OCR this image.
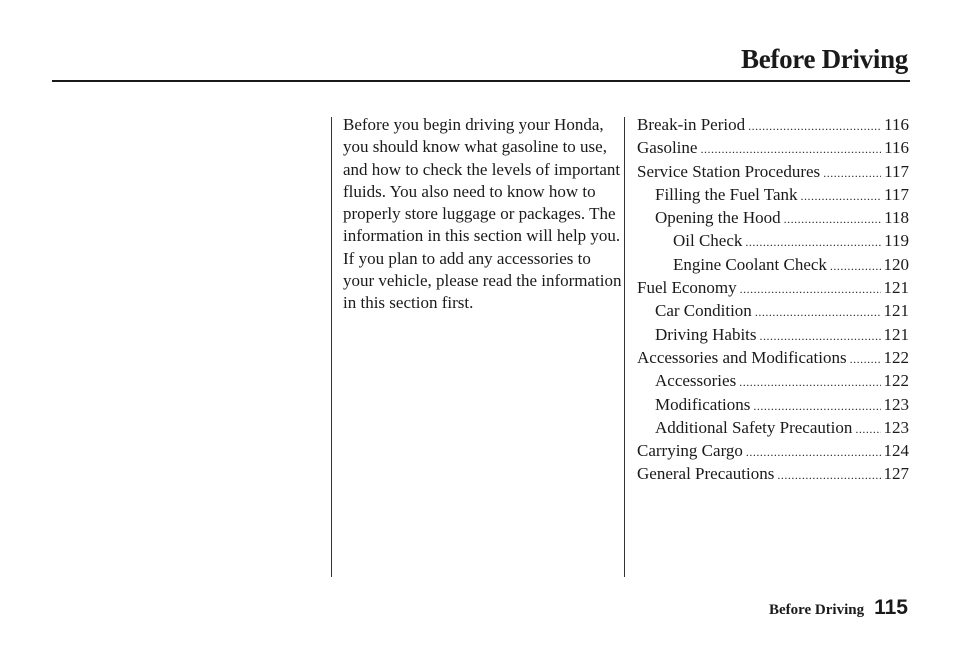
Before Driving

Before you begin driving your Honda, you should know what gasoline to use, and how to check the levels of important fluids. You also need to know how to properly store luggage or packages. The information in this section will help you. If you plan to add any accessories to your vehicle, please read the information in this section first.

Break-in Period .....	116
Gasoline .....	116
Service Station Procedures .....	117
Filling the Fuel Tank .....	117
Opening the Hood .....	118
Oil Check .....	119
Engine Coolant Check .....	120
Fuel Economy .....	121
Car Condition .....	121
Driving Habits .....	121
Accessories and Modifications ..... 122
Accessories .....	122
Modifications .....	123
Additional Safety Precaution ..... 123
Carrying Cargo .....	124
General Precautions .....	127
Before Driving 115
